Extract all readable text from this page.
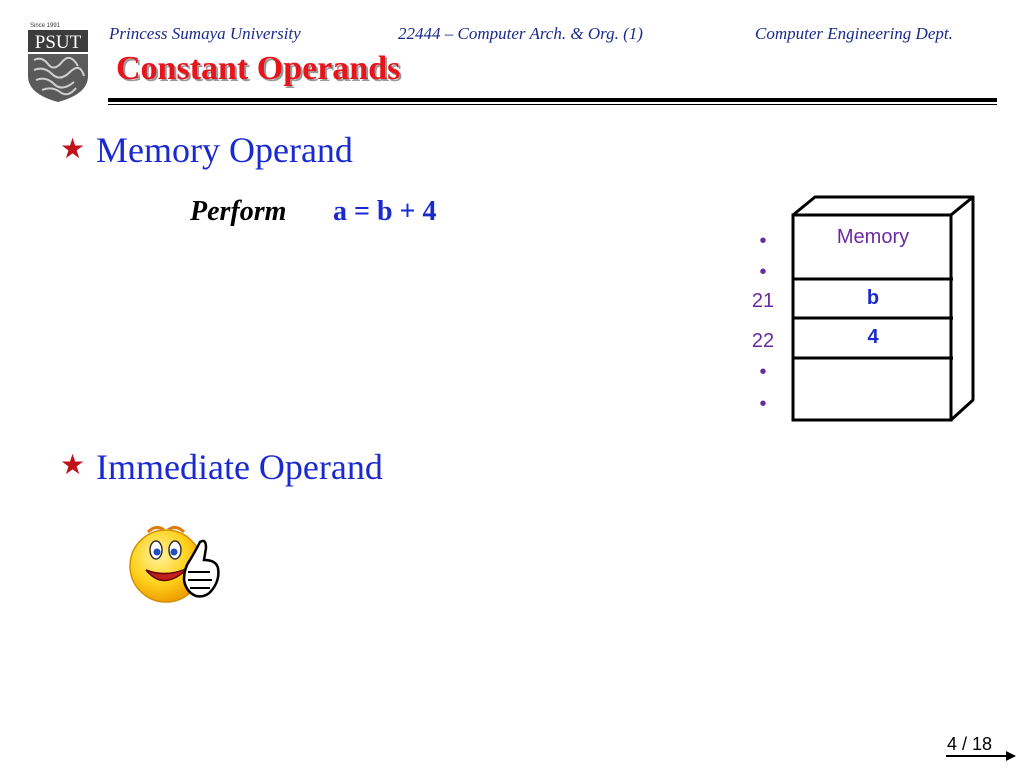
Since 1991
PSUT Princess Sumaya University	22444 – Computer Arch. & Org. (1)	Computer Engineering Dept.
Constant Operands
★ Memory Operand
Perform a = b + 4
•
•
21
22
•
•
Memory
b
4
★ Immediate Operand
4 / 18
